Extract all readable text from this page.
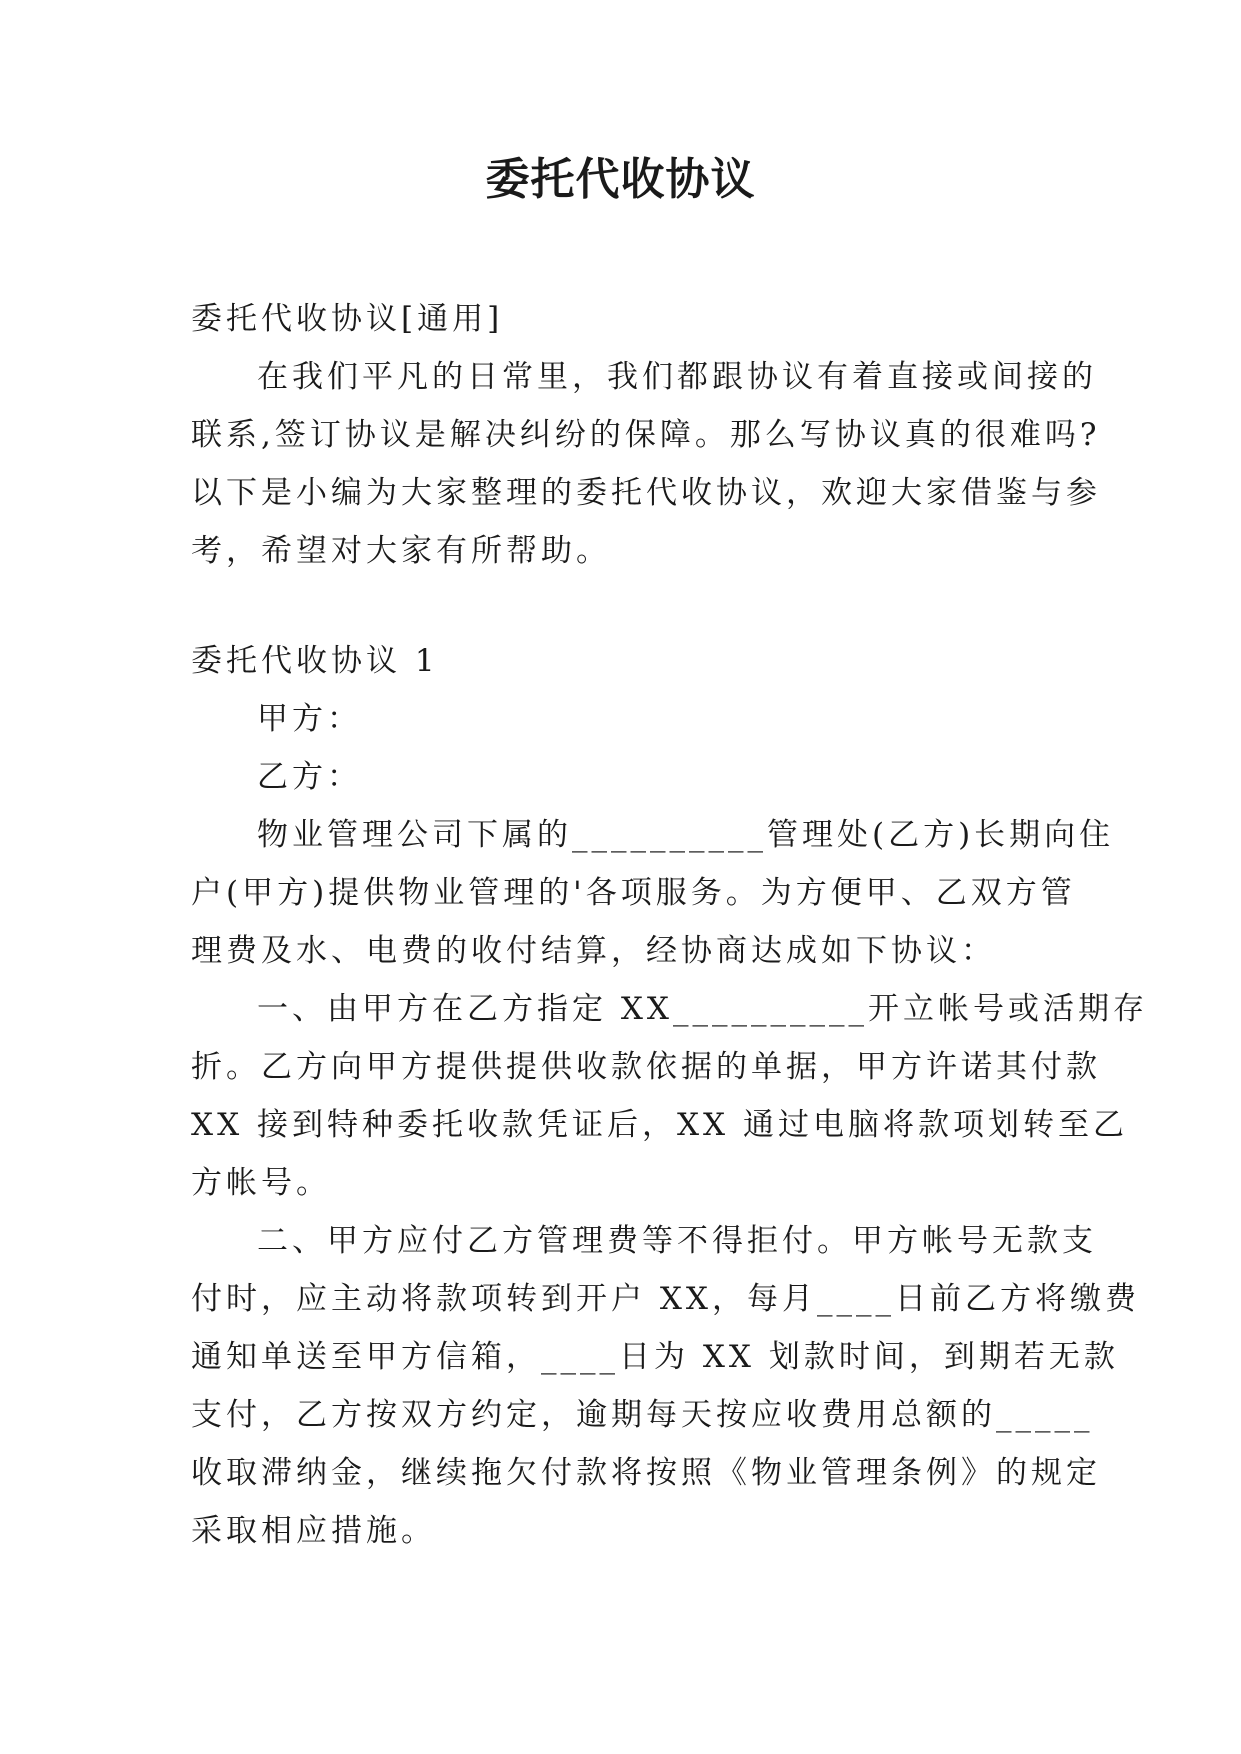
委托代收协议
委托代收协议[通用]
在我们平凡的日常里，我们都跟协议有着直接或间接的
联系,签订协议是解决纠纷的保障。那么写协议真的很难吗?
以下是小编为大家整理的委托代收协议，欢迎大家借鉴与参
考，希望对大家有所帮助。
委托代收协议 1
甲方：
乙方：
物业管理公司下属的__________管理处(乙方)长期向住
户(甲方)提供物业管理的'各项服务。为方便甲、乙双方管
理费及水、电费的收付结算，经协商达成如下协议：
一、由甲方在乙方指定 XX__________开立帐号或活期存
折。乙方向甲方提供提供收款依据的单据，甲方许诺其付款
XX 接到特种委托收款凭证后，XX 通过电脑将款项划转至乙
方帐号。
二、甲方应付乙方管理费等不得拒付。甲方帐号无款支
付时，应主动将款项转到开户 XX，每月____日前乙方将缴费
通知单送至甲方信箱，____日为 XX 划款时间，到期若无款
支付，乙方按双方约定，逾期每天按应收费用总额的_____
收取滞纳金，继续拖欠付款将按照《物业管理条例》的规定
采取相应措施。
